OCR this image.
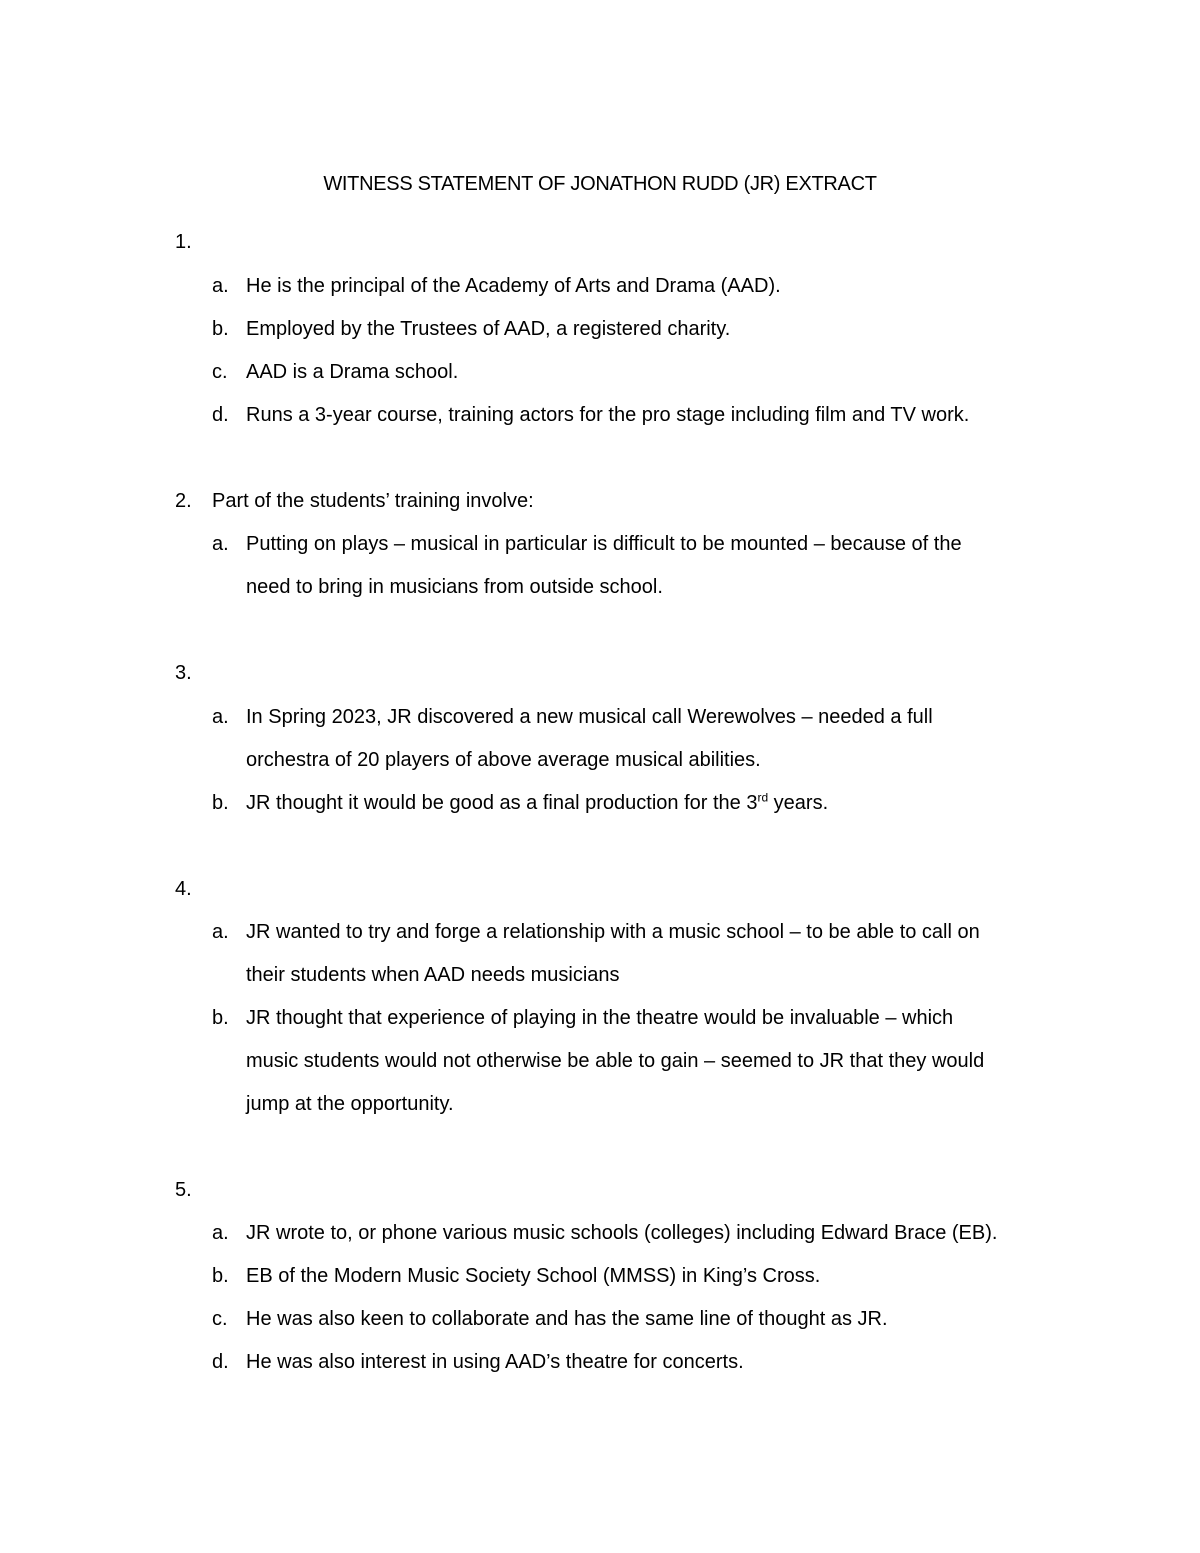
WITNESS STATEMENT OF JONATHON RUDD (JR) EXTRACT
1.
a. He is the principal of the Academy of Arts and Drama (AAD).
b. Employed by the Trustees of AAD, a registered charity.
c. AAD is a Drama school.
d. Runs a 3-year course, training actors for the pro stage including film and TV work.
2. Part of the students’ training involve:
a. Putting on plays – musical in particular is difficult to be mounted – because of the
need to bring in musicians from outside school.
3.
a. In Spring 2023, JR discovered a new musical call Werewolves – needed a full
orchestra of 20 players of above average musical abilities.
b. JR thought it would be good as a final production for the 3rd years.
4.
a. JR wanted to try and forge a relationship with a music school – to be able to call on
their students when AAD needs musicians
b. JR thought that experience of playing in the theatre would be invaluable – which
music students would not otherwise be able to gain – seemed to JR that they would
jump at the opportunity.
5.
a. JR wrote to, or phone various music schools (colleges) including Edward Brace (EB).
b. EB of the Modern Music Society School (MMSS) in King’s Cross.
c. He was also keen to collaborate and has the same line of thought as JR.
d. He was also interest in using AAD’s theatre for concerts.
